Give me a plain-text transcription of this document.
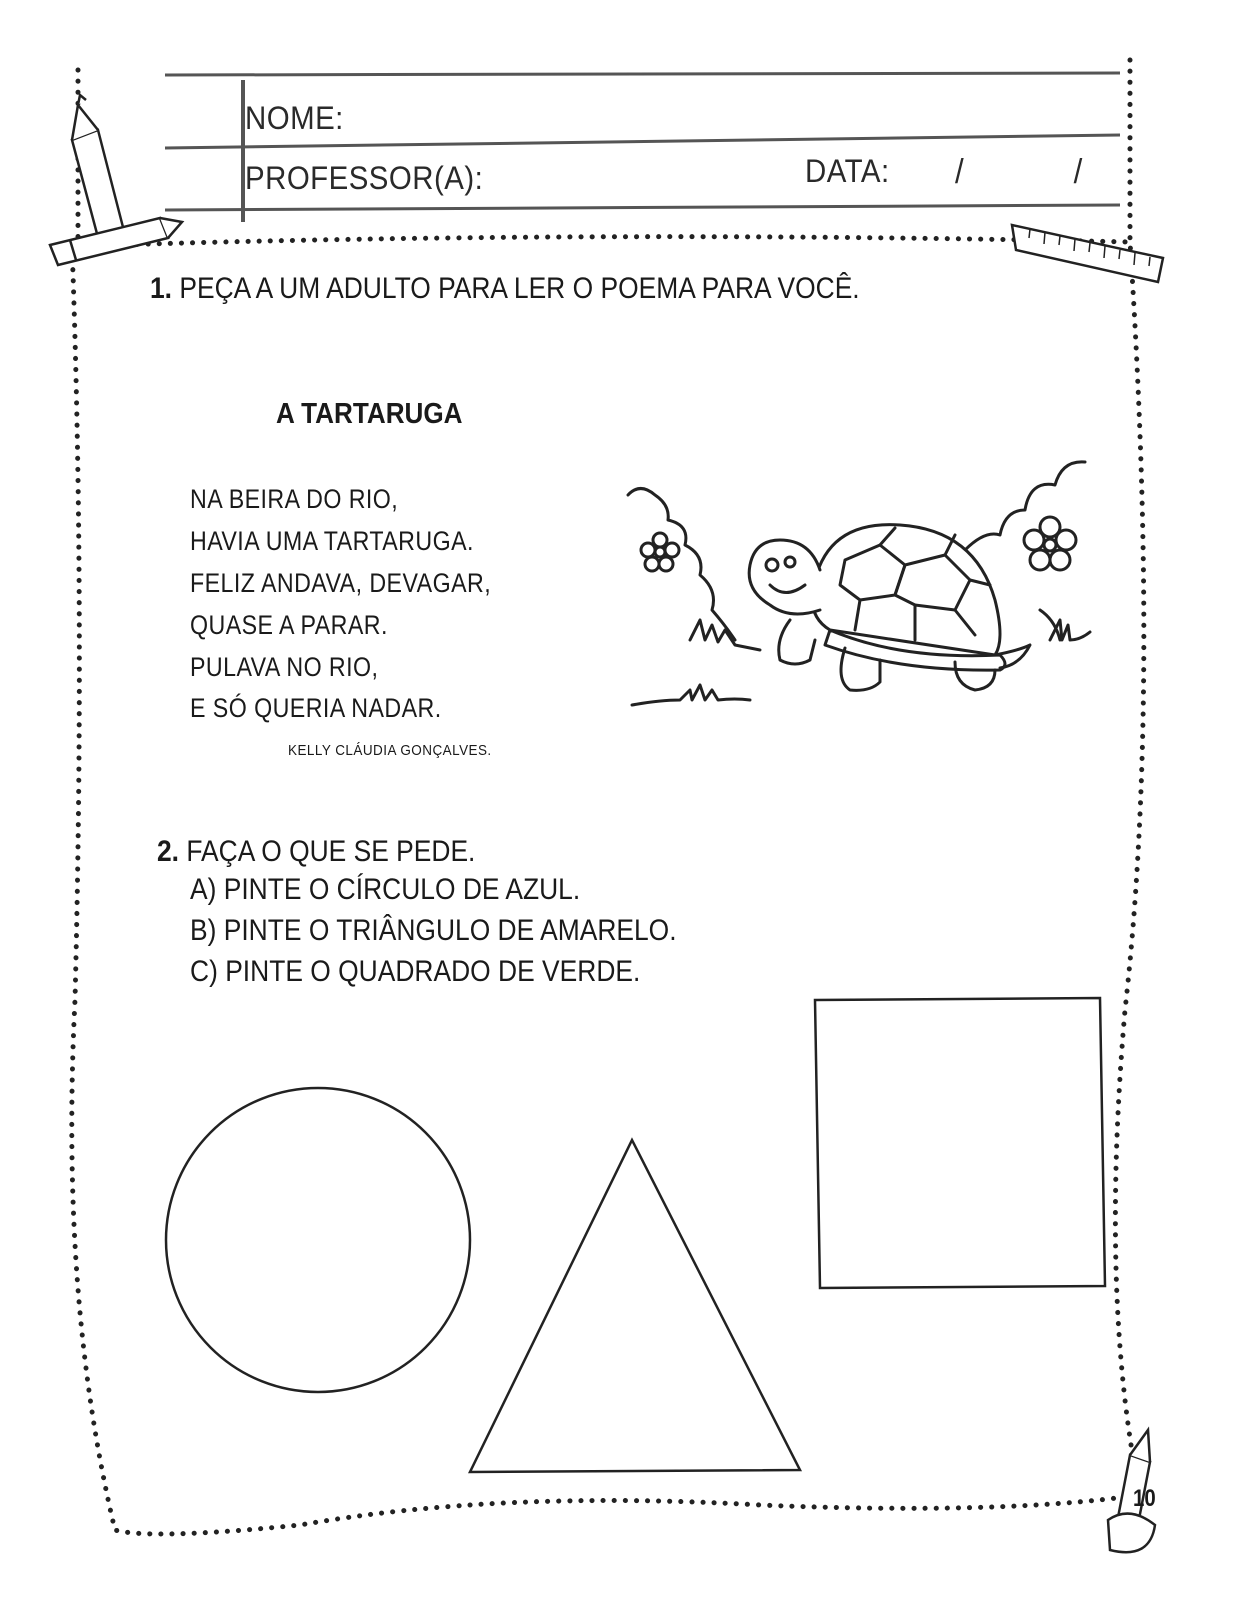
NOME:
PROFESSOR(A):	DATA: / /
1. PEÇA A UM ADULTO PARA LER O POEMA PARA VOCÊ.
A TARTARUGA
NA BEIRA DO RIO,
HAVIA UMA TARTARUGA.
FELIZ ANDAVA, DEVAGAR,
QUASE A PARAR.
PULAVA NO RIO,
E SÓ QUERIA NADAR.
KELLY CLÁUDIA GONÇALVES.
2. FAÇA O QUE SE PEDE.
A) PINTE O CÍRCULO DE AZUL.
B) PINTE O TRIÂNGULO DE AMARELO.
C) PINTE O QUADRADO DE VERDE.
10
